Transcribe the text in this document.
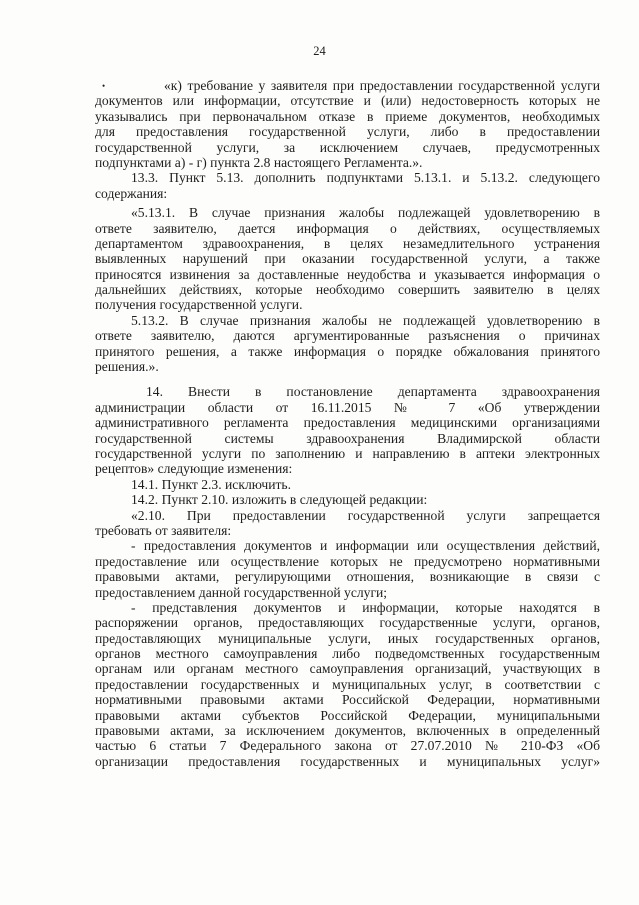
24
•	«к) требование у заявителя при предоставлении государственной услуги
документов или информации, отсутствие и (или) недостоверность которых не
указывались при первоначальном отказе в приеме документов, необходимых
для предоставления государственной услуги, либо в предоставлении
государственной услуги, за исключением случаев, предусмотренных
подпунктами а) - г) пункта 2.8 настоящего Регламента.».
13.3. Пункт 5.13. дополнить подпунктами 5.13.1. и 5.13.2. следующего
содержания:
«5.13.1. В случае признания жалобы подлежащей удовлетворению в
ответе заявителю, дается информация о действиях, осуществляемых
департаментом здравоохранения, в целях незамедлительного устранения
выявленных нарушений при оказании государственной услуги, а также
приносятся извинения за доставленные неудобства и указывается информация о
дальнейших действиях, которые необходимо совершить заявителю в целях
получения государственной услуги.
5.13.2. В случае признания жалобы не подлежащей удовлетворению в
ответе заявителю, даются аргументированные разъяснения о причинах
принятого решения, а также информация о порядке обжалования принятого
решения.».
14. Внести в постановление департамента здравоохранения
администрации области от 16.11.2015 № 7 «Об утверждении
административного регламента предоставления медицинскими организациями
государственной системы здравоохранения Владимирской области
государственной услуги по заполнению и направлению в аптеки электронных
рецептов» следующие изменения:
14.1. Пункт 2.3. исключить.
14.2. Пункт 2.10. изложить в следующей редакции:
«2.10. При предоставлении государственной услуги запрещается
требовать от заявителя:
- предоставления документов и информации или осуществления действий,
предоставление или осуществление которых не предусмотрено нормативными
правовыми актами, регулирующими отношения, возникающие в связи с
предоставлением данной государственной услуги;
- представления документов и информации, которые находятся в
распоряжении органов, предоставляющих государственные услуги, органов,
предоставляющих муниципальные услуги, иных государственных органов,
органов местного самоуправления либо подведомственных государственным
органам или органам местного самоуправления организаций, участвующих в
предоставлении государственных и муниципальных услуг, в соответствии с
нормативными правовыми актами Российской Федерации, нормативными
правовыми актами субъектов Российской Федерации, муниципальными
правовыми актами, за исключением документов, включенных в определенный
частью 6 статьи 7 Федерального закона от 27.07.2010 № 210-ФЗ «Об
организации предоставления государственных и муниципальных услуг»
